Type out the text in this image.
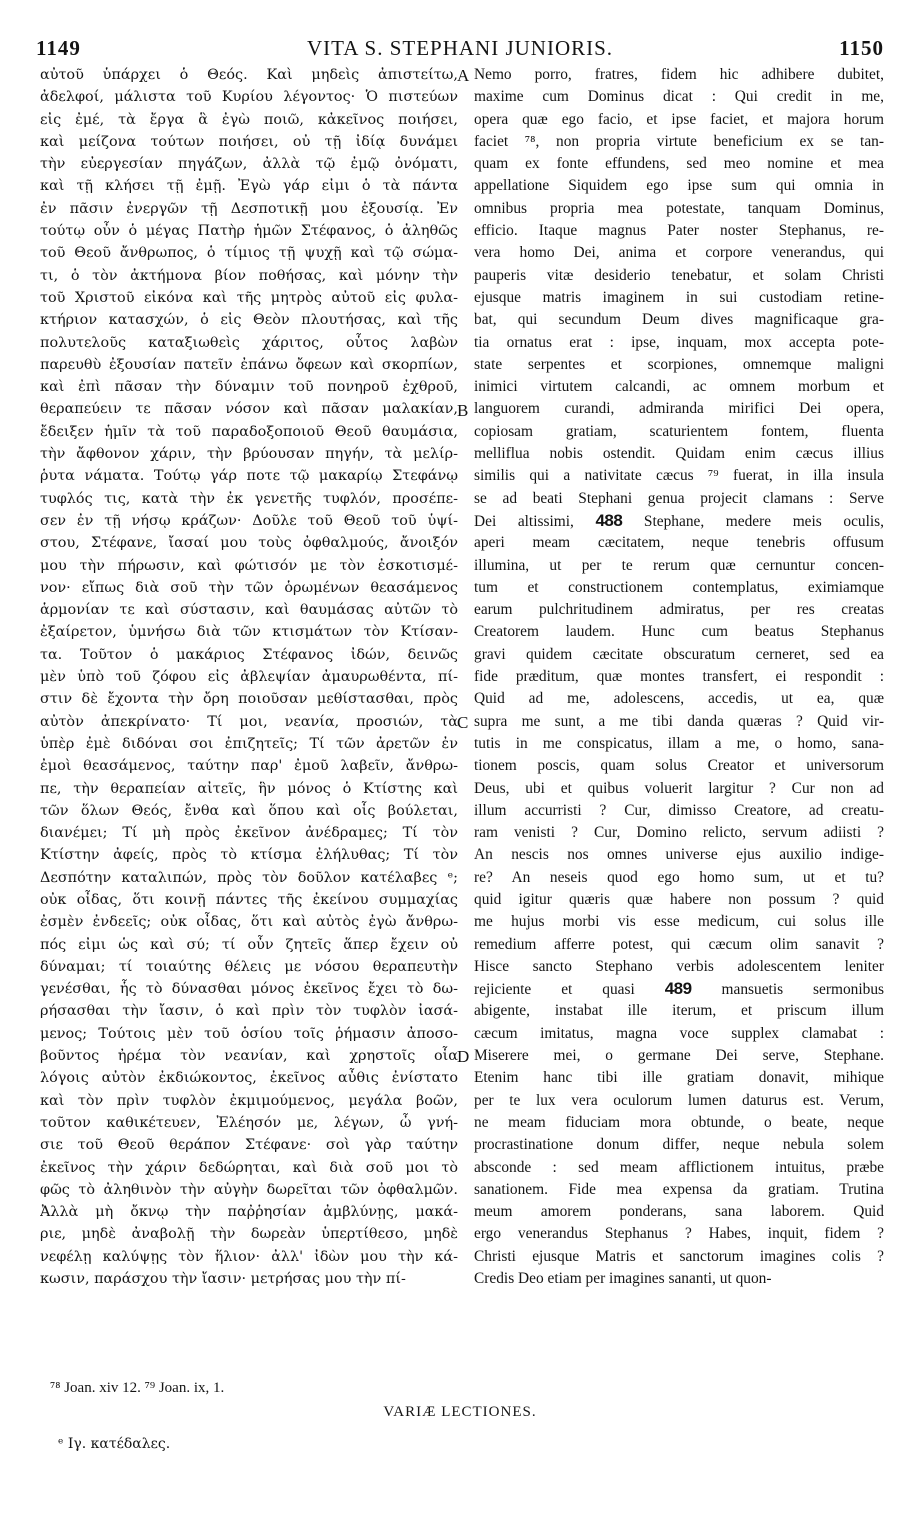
1149	VITA S. STEPHANI JUNIORIS.	1150
αὐτοῦ ὑπάρχει ὁ Θεός. Καὶ μηδεὶς ἀπιστείτω,
ἀδελφοί, μάλιστα τοῦ Κυρίου λέγοντος· Ὁ πιστεύων
εἰς ἐμέ, τὰ ἔργα ἃ ἐγὼ ποιῶ, κἀκεῖνος ποιήσει,
καὶ μείζονα τούτων ποιήσει, οὐ τῇ ἰδίᾳ δυνάμει
τὴν εὐεργεσίαν πηγάζων, ἀλλὰ τῷ ἐμῷ ὀνόματι,
καὶ τῇ κλήσει τῇ ἐμῇ. Ἐγὼ γάρ εἰμι ὁ τὰ πάντα
ἐν πᾶσιν ἐνεργῶν τῇ Δεσποτικῇ μου ἐξουσίᾳ. Ἐν
τούτῳ οὖν ὁ μέγας Πατὴρ ἡμῶν Στέφανος, ὁ ἀληθῶς
τοῦ Θεοῦ ἄνθρωπος, ὁ τίμιος τῇ ψυχῇ καὶ τῷ σώμα-
τι, ὁ τὸν ἀκτήμονα βίον ποθήσας, καὶ μόνην τὴν
τοῦ Χριστοῦ εἰκόνα καὶ τῆς μητρὸς αὐτοῦ εἰς φυλα-
κτήριον κατασχών, ὁ εἰς Θεὸν πλουτήσας, καὶ τῆς
πολυτελοῦς καταξιωθεὶς χάριτος, οὗτος λαβὼν
παρευθὺ ἐξουσίαν πατεῖν ἐπάνω ὄφεων καὶ σκορπίων,
καὶ ἐπὶ πᾶσαν τὴν δύναμιν τοῦ πονηροῦ ἐχθροῦ,
θεραπεύειν τε πᾶσαν νόσον καὶ πᾶσαν μαλακίαν,
ἔδειξεν ἡμῖν τὰ τοῦ παραδοξοποιοῦ Θεοῦ θαυμάσια,
τὴν ἄφθονον χάριν, τὴν βρύουσαν πηγήν, τὰ μελίρ-
ῥυτα νάματα. Τούτῳ γάρ ποτε τῷ μακαρίῳ Στεφάνῳ
τυφλός τις, κατὰ τὴν ἐκ γενετῆς τυφλόν, προσέπε-
σεν ἐν τῇ νήσῳ κράζων· Δοῦλε τοῦ Θεοῦ τοῦ ὑψί-
στου, Στέφανε, ἴασαί μου τοὺς ὀφθαλμούς, ἄνοιξόν
μου τὴν πήρωσιν, καὶ φώτισόν με τὸν ἐσκοτισμέ-
νον· εἴπως διὰ σοῦ τὴν τῶν ὁρωμένων θεασάμενος
ἁρμονίαν τε καὶ σύστασιν, καὶ θαυμάσας αὐτῶν τὸ
ἐξαίρετον, ὑμνήσω διὰ τῶν κτισμάτων τὸν Κτίσαν-
τα. Τοῦτον ὁ μακάριος Στέφανος ἰδών, δεινῶς
μὲν ὑπὸ τοῦ ζόφου εἰς ἀβλεψίαν ἀμαυρωθέντα, πί-
στιν δὲ ἔχοντα τὴν ὄρη ποιοῦσαν μεθίστασθαι, πρὸς
αὐτὸν ἀπεκρίνατο· Τί μοι, νεανία, προσιών, τὰ
ὑπὲρ ἐμὲ διδόναι σοι ἐπιζητεῖς; Τί τῶν ἀρετῶν ἐν
ἐμοὶ θεασάμενος, ταύτην παρ' ἐμοῦ λαβεῖν, ἄνθρω-
πε, τὴν θεραπείαν αἰτεῖς, ἣν μόνος ὁ Κτίστης καὶ
τῶν ὅλων Θεός, ἔνθα καὶ ὅπου καὶ οἷς βούλεται,
διανέμει; Τί μὴ πρὸς ἐκεῖνον ἀνέδραμες; Τί τὸν
Κτίστην ἀφείς, πρὸς τὸ κτίσμα ἐλήλυθας; Τί τὸν
Δεσπότην καταλιπών, πρὸς τὸν δοῦλον κατέλαβες ᵉ;
οὐκ οἶδας, ὅτι κοινῇ πάντες τῆς ἐκείνου συμμαχίας
ἐσμὲν ἐνδεεῖς; οὐκ οἶδας, ὅτι καὶ αὐτὸς ἐγὼ ἄνθρω-
πός εἰμι ὡς καὶ σύ; τί οὖν ζητεῖς ἅπερ ἔχειν οὐ
δύναμαι; τί τοιαύτης θέλεις με νόσου θεραπευτὴν
γενέσθαι, ἧς τὸ δύνασθαι μόνος ἐκεῖνος ἔχει τὸ δω-
ρήσασθαι τὴν ἴασιν, ὁ καὶ πρὶν τὸν τυφλὸν ἰασά-
μενος; Τούτοις μὲν τοῦ ὁσίου τοῖς ῥήμασιν ἀποσο-
βοῦντος ἠρέμα τὸν νεανίαν, καὶ χρηστοῖς οἷα
λόγοις αὐτὸν ἐκδιώκοντος, ἐκεῖνος αὖθις ἐνίστατο
καὶ τὸν πρὶν τυφλὸν ἐκμιμούμενος, μεγάλα βοῶν,
τοῦτον καθικέτευεν, Ἐλέησόν με, λέγων, ὦ γνή-
σιε τοῦ Θεοῦ θεράπον Στέφανε· σοὶ γὰρ ταύτην
ἐκεῖνος τὴν χάριν δεδώρηται, καὶ διὰ σοῦ μοι τὸ
φῶς τὸ ἀληθινὸν τὴν αὐγὴν δωρεῖται τῶν ὀφθαλμῶν.
Ἀλλὰ μὴ ὄκνῳ τὴν παῤῥησίαν ἀμβλύνῃς, μακά-
ριε, μηδὲ ἀναβολῇ τὴν δωρεὰν ὑπερτίθεσο, μηδὲ
νεφέλῃ καλύψῃς τὸν ἥλιον· ἀλλ' ἰδὼν μου τὴν κά-
κωσιν, παράσχου τὴν ἴασιν· μετρήσας μου τὴν πί-
Nemo porro, fratres, fidem hic adhibere dubitet,
maxime cum Dominus dicat : Qui credit in me,
opera quæ ego facio, et ipse faciet, et majora horum
faciet ⁷⁸, non propria virtute beneficium ex se tan-
quam ex fonte effundens, sed meo nomine et mea
appellatione Siquidem ego ipse sum qui omnia in
omnibus propria mea potestate, tanquam Dominus,
efficio. Itaque magnus Pater noster Stephanus, re-
vera homo Dei, anima et corpore venerandus, qui
pauperis vitæ desiderio tenebatur, et solam Christi
ejusque matris imaginem in sui custodiam retine-
bat, qui secundum Deum dives magnificaque gra-
tia ornatus erat : ipse, inquam, mox accepta pote-
state serpentes et scorpiones, omnemque maligni
inimici virtutem calcandi, ac omnem morbum et
languorem curandi, admiranda mirifici Dei opera,
copiosam gratiam, scaturientem fontem, fluenta
melliflua nobis ostendit. Quidam enim cæcus illius
similis qui a nativitate cæcus ⁷⁹ fuerat, in illa insula
se ad beati Stephani genua projecit clamans : Serve
Dei altissimi, 488 Stephane, medere meis oculis,
aperi meam cæcitatem, neque tenebris offusum
illumina, ut per te rerum quæ cernuntur concen-
tum et constructionem contemplatus, eximiamque
earum pulchritudinem admiratus, per res creatas
Creatorem laudem. Hunc cum beatus Stephanus
gravi quidem cæcitate obscuratum cerneret, sed ea
fide præditum, quæ montes transfert, ei respondit :
Quid ad me, adolescens, accedis, ut ea, quæ
supra me sunt, a me tibi danda quæras ? Quid vir-
tutis in me conspicatus, illam a me, o homo, sana-
tionem poscis, quam solus Creator et universorum
Deus, ubi et quibus voluerit largitur ? Cur non ad
illum accurristi ? Cur, dimisso Creatore, ad creatu-
ram venisti ? Cur, Domino relicto, servum adiisti ?
An nescis nos omnes universe ejus auxilio indige-
re? An neseis quod ego homo sum, ut et tu?
quid igitur quæris quæ habere non possum ? quid
me hujus morbi vis esse medicum, cui solus ille
remedium afferre potest, qui cæcum olim sanavit ?
Hisce sancto Stephano verbis adolescentem leniter
rejiciente et quasi 489 mansuetis sermonibus
abigente, instabat ille iterum, et priscum illum
cæcum imitatus, magna voce supplex clamabat :
Miserere mei, o germane Dei serve, Stephane.
Etenim hanc tibi ille gratiam donavit, mihique
per te lux vera oculorum lumen daturus est. Verum,
ne meam fiduciam mora obtunde, o beate, neque
procrastinatione donum differ, neque nebula solem
absconde : sed meam afflictionem intuitus, præbe
sanationem. Fide mea expensa da gratiam. Trutina
meum amorem ponderans, sana laborem. Quid
ergo venerandus Stephanus ? Habes, inquit, fidem ?
Christi ejusque Matris et sanctorum imagines colis ?
Credis Deo etiam per imagines sananti, ut quon-
A
B
C
D
⁷⁸ Joan. xiv 12. ⁷⁹ Joan. ix, 1.
VARIÆ LECTIONES.
ᵉ Ιγ. κατέδαλες.
